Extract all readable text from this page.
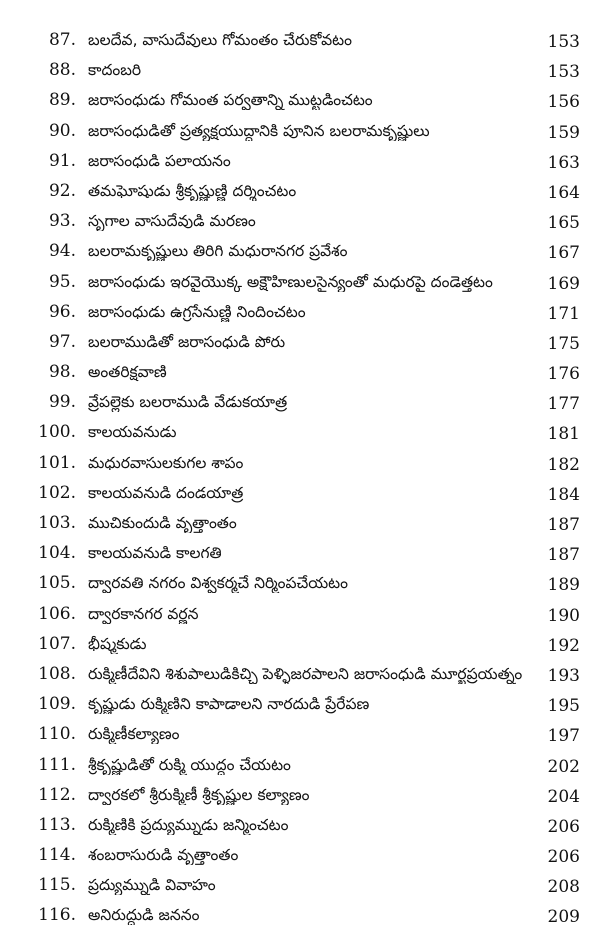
87. బలదేవ, వాసుదేవులు గోమంతం చేరుకోవటం	153
88. కాదంబరి	153
89. జరాసంధుడు గోమంత పర్వతాన్ని ముట్టడించటం	156
90. జరాసంధుడితో ప్రత్యక్షయుద్ధానికి పూనిన బలరామకృష్ణులు	159
91. జరాసంధుడి పలాయనం	163
92. తమఘోషుడు శ్రీకృష్ణుణ్ణి దర్శించటం	164
93. సృగాల వాసుదేవుడి మరణం	165
94. బలరామకృష్ణులు తిరిగి మధురానగర ప్రవేశం	167
95. జరాసంధుడు ఇరవైయొక్క అక్షౌహిణులసైన్యంతో మధురపై దండెత్తటం	169
96. జరాసంధుడు ఉగ్రసేనుణ్ణి నిందించటం	171
97. బలరాముడితో జరాసంధుడి పోరు	175
98. అంతరిక్షవాణి	176
99. వ్రేపల్లెకు బలరాముడి వేడుకయాత్ర	177
100. కాలయవనుడు	181
101. మధురవాసులకుగల శాపం	182
102. కాలయవనుడి దండయాత్ర	184
103. ముచికుందుడి వృత్తాంతం	187
104. కాలయవనుడి కాలగతి	187
105. ద్వారవతి నగరం విశ్వకర్మచే నిర్మింపచేయటం	189
106. ద్వారకానగర వర్ణన	190
107. భీష్మకుడు	192
108. రుక్మిణీదేవిని శిశుపాలుడికిచ్చి పెళ్ళిజరపాలని జరాసంధుడి మూర్ఖప్రయత్నం	193
109. కృష్ణుడు రుక్మిణిని కాపాడాలని నారదుడి ప్రేరేపణ	195
110. రుక్మిణీకల్యాణం	197
111. శ్రీకృష్ణుడితో రుక్మి యుద్ధం చేయటం	202
112. ద్వారకలో శ్రీరుక్మిణీ శ్రీకృష్ణుల కల్యాణం	204
113. రుక్మిణికి ప్రద్యుమ్నుడు జన్మించటం	206
114. శంబరాసురుడి వృత్తాంతం	206
115. ప్రద్యుమ్నుడి వివాహం	208
116. అనిరుద్ధుడి జననం	209
